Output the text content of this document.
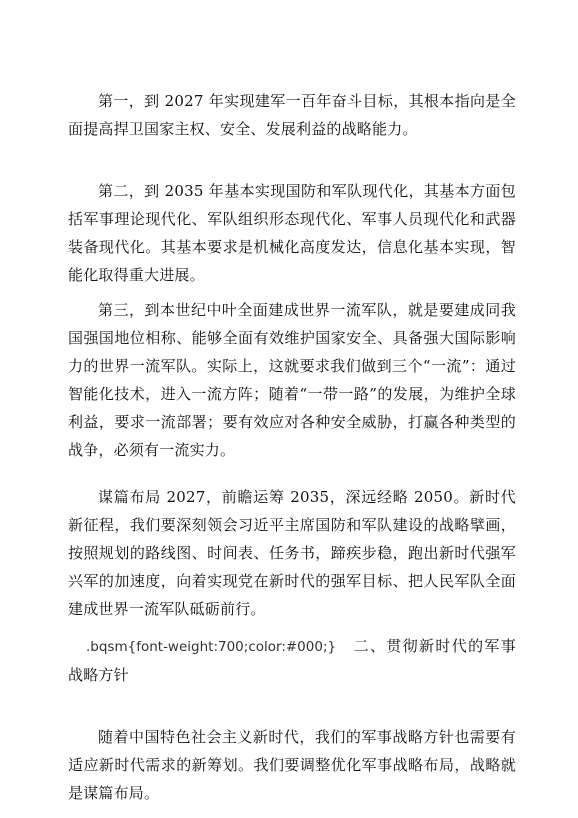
第一，到 2027 年实现建军一百年奋斗目标，其根本指向是全面提高捍卫国家主权、安全、发展利益的战略能力。

第二，到 2035 年基本实现国防和军队现代化，其基本方面包括军事理论现代化、军队组织形态现代化、军事人员现代化和武器装备现代化。其基本要求是机械化高度发达，信息化基本实现，智能化取得重大进展。

第三，到本世纪中叶全面建成世界一流军队，就是要建成同我国强国地位相称、能够全面有效维护国家安全、具备强大国际影响力的世界一流军队。实际上，这就要求我们做到三个“一流”：通过智能化技术，进入一流方阵；随着“一带一路”的发展，为维护全球利益，要求一流部署；要有效应对各种安全威胁，打赢各种类型的战争，必须有一流实力。

谋篇布局 2027，前瞻运筹 2035，深远经略 2050。新时代新征程，我们要深刻领会习近平主席国防和军队建设的战略擘画，按照规划的路线图、时间表、任务书，蹄疾步稳，跑出新时代强军兴军的加速度，向着实现党在新时代的强军目标、把人民军队全面建成世界一流军队砥砺前行。

.bqsm{font-weight:700;color:#000;}　 二、贯彻新时代的军事战略方针

随着中国特色社会主义新时代，我们的军事战略方针也需要有适应新时代需求的新筹划。我们要调整优化军事战略布局，战略就是谋篇布局。
